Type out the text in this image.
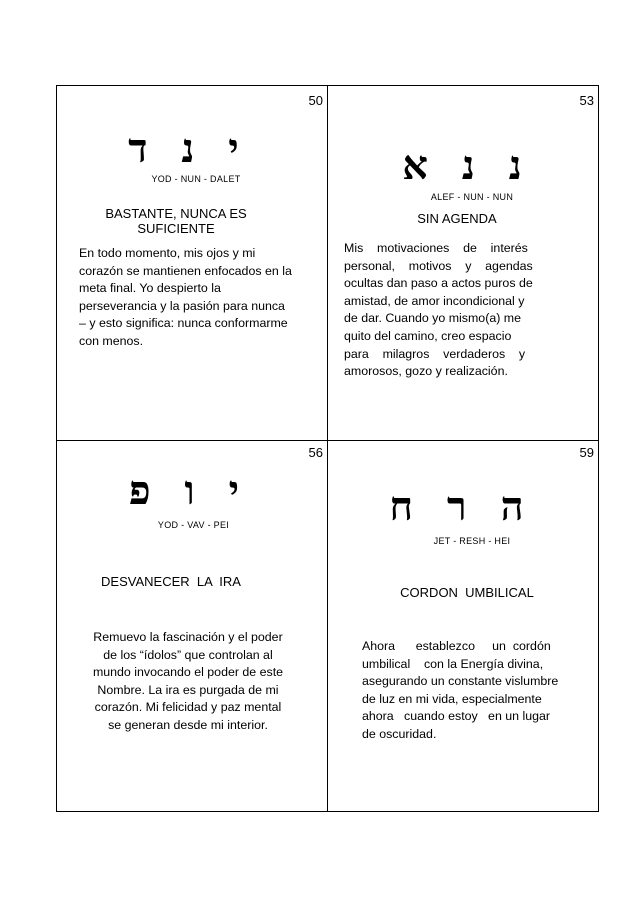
50
י נ ד
YOD - NUN - DALET
BASTANTE, NUNCA ES
SUFICIENTE
En todo momento, mis ojos y mi
corazón se mantienen enfocados en la
meta final. Yo despierto la
perseverancia y la pasión para nunca
– y esto significa: nunca conformarme
con menos.
53
נ נ א
ALEF - NUN - NUN
SIN AGENDA
Mis    motivaciones    de    interés
personal,    motivos    y    agendas
ocultas dan paso a actos puros de
amistad, de amor incondicional y
de dar. Cuando yo mismo(a) me
quito del camino, creo espacio
para    milagros    verdaderos    y
amorosos, gozo y realización.
56
י ו פ
YOD - VAV - PEI
DESVANECER  LA  IRA
Remuevo la fascinación y el poder
de los “ídolos” que controlan al
mundo invocando el poder de este
Nombre. La ira es purgada de mi
corazón. Mi felicidad y paz mental
se generan desde mi interior.
59
ה ר ח
JET - RESH - HEI
CORDON  UMBILICAL
Ahora      establezco     un  cordón
umbilical    con la Energía divina,
asegurando un constante vislumbre
de luz en mi vida, especialmente
ahora   cuando estoy   en un lugar
de oscuridad.
